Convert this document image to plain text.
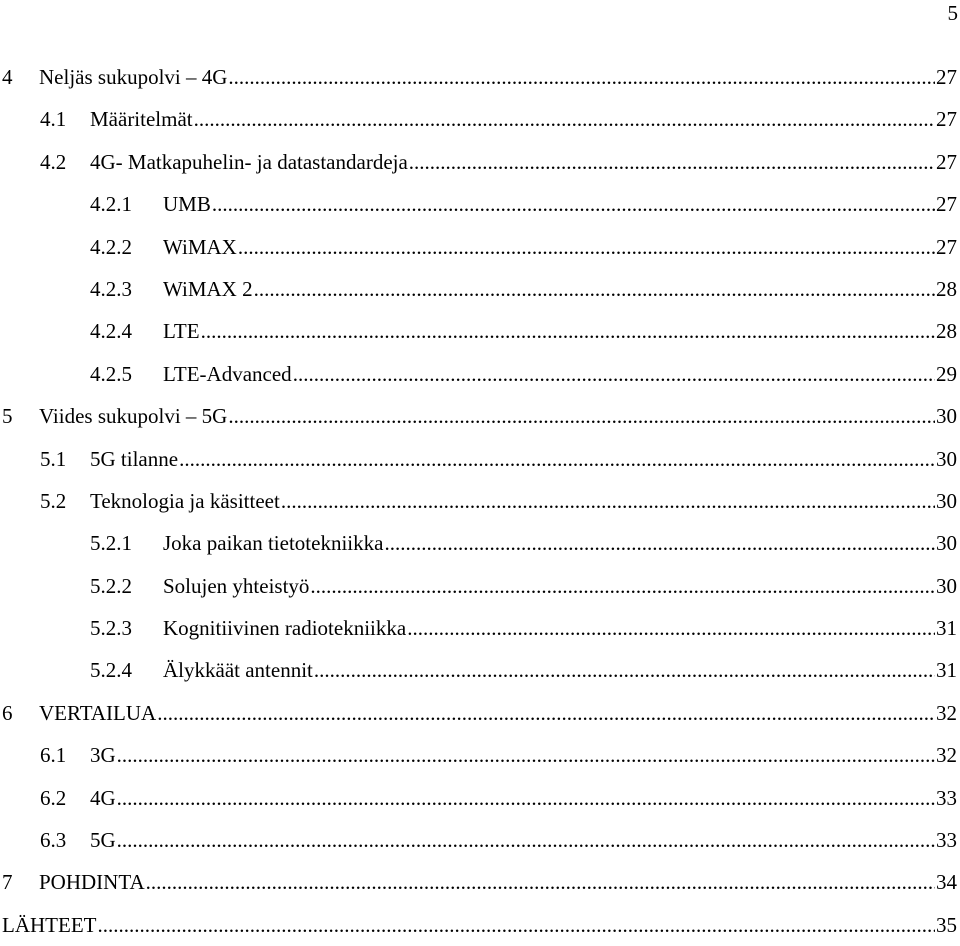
5
4	Neljäs sukupolvi – 4G .....	27
4.1	Määritelmät .....	27
4.2	4G- Matkapuhelin- ja datastandardeja .....	27
4.2.1	UMB .....	27
4.2.2	WiMAX .....	27
4.2.3	WiMAX 2 .....	28
4.2.4	LTE .....	28
4.2.5	LTE-Advanced .....	29
5	Viides sukupolvi – 5G .....	30
5.1	5G tilanne .....	30
5.2	Teknologia ja käsitteet .....	30
5.2.1	Joka paikan tietotekniikka .....	30
5.2.2	Solujen yhteistyö .....	30
5.2.3	Kognitiivinen radiotekniikka .....	31
5.2.4	Älykkäät antennit .....	31
6	VERTAILUA .....	32
6.1	3G .....	32
6.2	4G .....	33
6.3	5G .....	33
7	POHDINTA .....	34
LÄHTEET .....	35
